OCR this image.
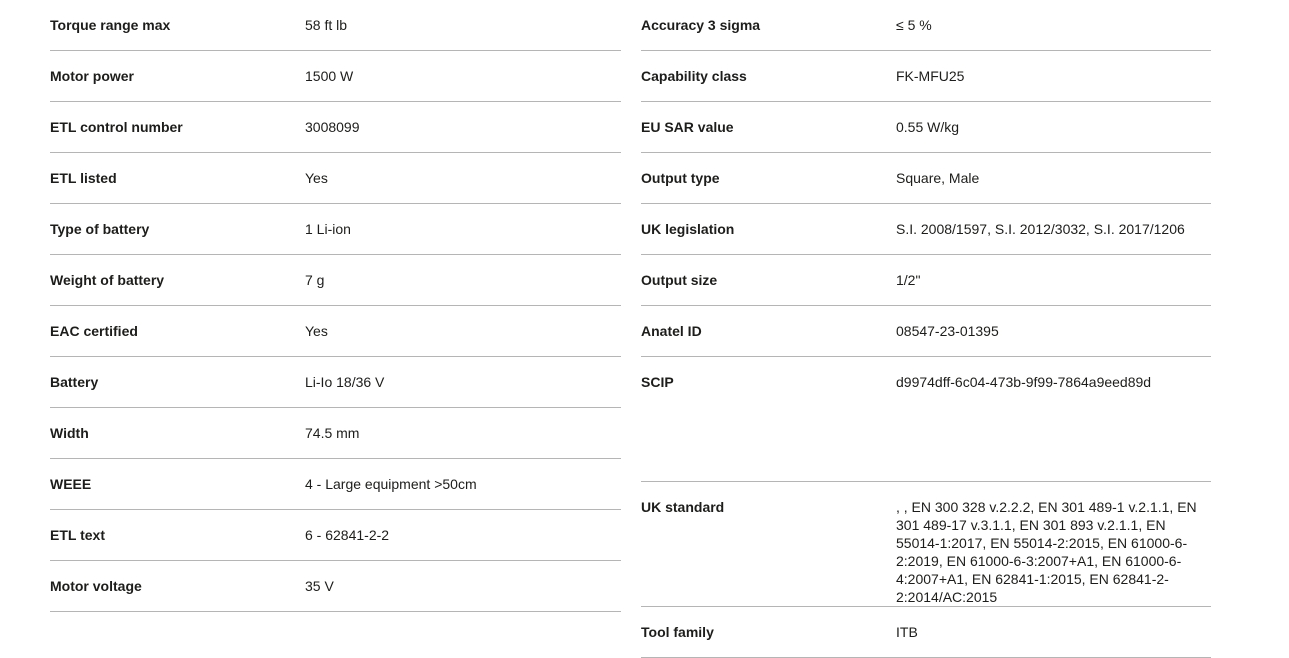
Torque range max	58 ft lb
Motor power	1500 W
ETL control number	3008099
ETL listed	Yes
Type of battery	1 Li-ion
Weight of battery	7 g
EAC certified	Yes
Battery	Li-Io 18/36 V
Width	74.5 mm
WEEE	4 - Large equipment >50cm
ETL text	6 - 62841-2-2
Motor voltage	35 V
Accuracy 3 sigma	≤ 5 %
Capability class	FK-MFU25
EU SAR value	0.55 W/kg
Output type	Square, Male
UK legislation	S.I. 2008/1597, S.I. 2012/3032, S.I. 2017/1206
Output size	1/2"
Anatel ID	08547-23-01395
SCIP	d9974dff-6c04-473b-9f99-7864a9eed89d
UK standard	, , EN 300 328 v.2.2.2, EN 301 489-1 v.2.1.1, EN 301 489-17 v.3.1.1, EN 301 893 v.2.1.1, EN 55014-1:2017, EN 55014-2:2015, EN 61000-6-2:2019, EN 61000-6-3:2007+A1, EN 61000-6-4:2007+A1, EN 62841-1:2015, EN 62841-2-2:2014/AC:2015
Tool family	ITB
